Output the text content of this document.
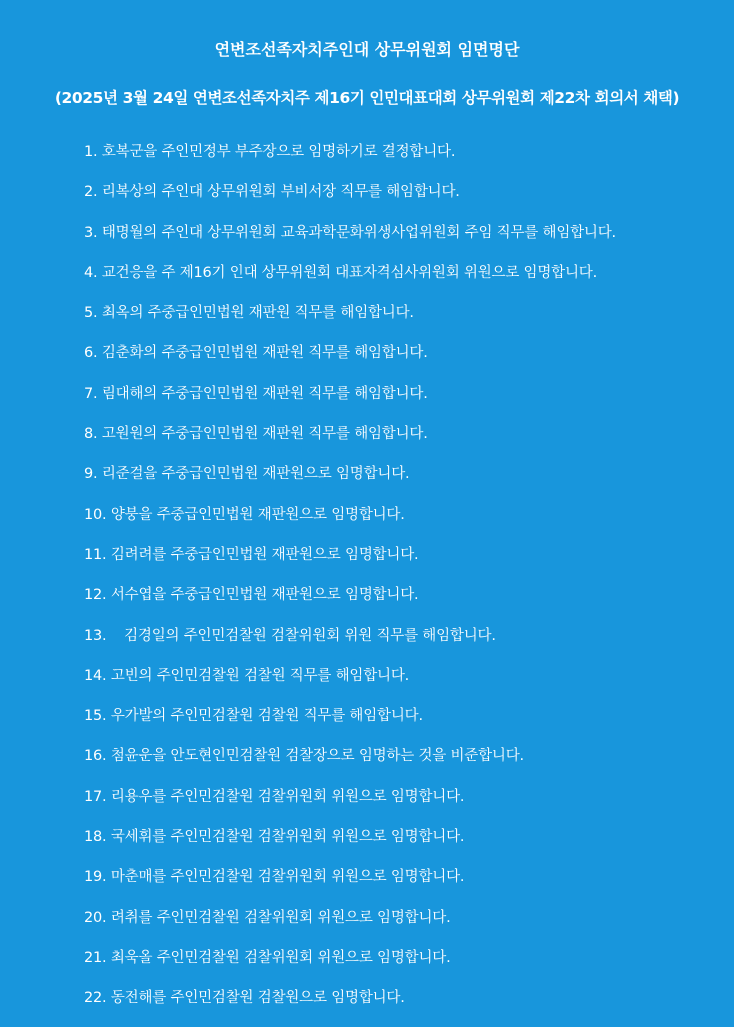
연변조선족자치주인대 상무위원회 임면명단
(2025년 3월 24일 연변조선족자치주 제16기 인민대표대회 상무위원회 제22차 회의서 채택)
1. 호복군을 주인민정부 부주장으로 임명하기로 결정합니다.
2. 리복상의 주인대 상무위원회 부비서장 직무를 해임합니다.
3. 태명월의 주인대 상무위원회 교육과학문화위생사업위원회 주임 직무를 해임합니다.
4. 교건응을 주 제16기 인대 상무위원회 대표자격심사위원회 위원으로 임명합니다.
5. 최옥의 주중급인민법원 재판원 직무를 해임합니다.
6. 김춘화의 주중급인민법원 재판원 직무를 해임합니다.
7. 림대해의 주중급인민법원 재판원 직무를 해임합니다.
8. 고원원의 주중급인민법원 재판원 직무를 해임합니다.
9. 리준걸을 주중급인민법원 재판원으로 임명합니다.
10. 양붕을 주중급인민법원 재판원으로 임명합니다.
11. 김려려를 주중급인민법원 재판원으로 임명합니다.
12. 서수엽을 주중급인민법원 재판원으로 임명합니다.
13.    김경일의 주인민검찰원 검찰위원회 위원 직무를 해임합니다.
14. 고빈의 주인민검찰원 검찰원 직무를 해임합니다.
15. 우가발의 주인민검찰원 검찰원 직무를 해임합니다.
16. 첨윤운을 안도현인민검찰원 검찰장으로 임명하는 것을 비준합니다.
17. 리용우를 주인민검찰원 검찰위원회 위원으로 임명합니다.
18. 국세휘를 주인민검찰원 검찰위원회 위원으로 임명합니다.
19. 마춘매를 주인민검찰원 검찰위원회 위원으로 임명합니다.
20. 려취를 주인민검찰원 검찰위원회 위원으로 임명합니다.
21. 최욱올 주인민검찰원 검찰위원회 위원으로 임명합니다.
22. 동전해를 주인민검찰원 검찰원으로 임명합니다.
